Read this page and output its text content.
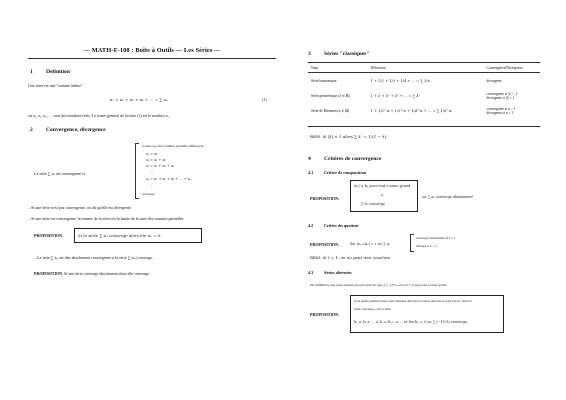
— MATH-F-108 : Boîte à Outils — Les Séries —
1 Définition
Une série est une "somme infinie"
a₁ + a₂ + a₃ + a₄ + … = ∑ aₙ	(1)
où a₁, a₂, a₃, … sont des nombres réels. Le terme général de la série (1) est le nombre aₙ.
2 Convergence, divergence
La série ∑ aₙ est convergente si
la suite (sₙ) des sommes partielles définie par
s₁ = a₁
s₂ = a₁ + a₂
s₃ = a₁ + a₂ + a₃
⋮
sₙ = a₁ + a₂ + a₃ + … + aₙ
⋮
converge.
– Si une série n'est pas convergente, on dit qu'elle est divergente.
– Si une série est convergente, la somme de la série est la limite de la suite des sommes partielles.
PROPOSITION.	Si la série ∑ aₙ converge alors lim aₙ = 0.
– La série ∑ aₙ est dite absolument convergente si la série ∑ |aₙ| converge.
PROPOSITION. Si une série converge absolument alors elle converge.
3 Séries "classiques"
Nom	Définition	Convergence/Divergence
Série harmonique	1 + 1/2 + 1/3 + 1/4 + … = ∑ 1/n	divergente
Série géométrique (λ ∈ ℝ)	1 + λ + λ² + λ³ + … = ∑ λⁿ	convergente si |λ| < 1
divergente si |λ| ≥ 1

Série de Riemann (α ∈ ℝ)	1 + 1/2^α + 1/3^α + 1/4^α + … = ∑ 1/n^α	convergente si α > 1
divergente si α ≤ 1
REM. Si |λ| < 1 alors ∑ λⁿ = 1/(1 − λ).
4 Critères de convergence
4.1	Critère de comparaison
PROPOSITION.
|aₙ| ≤ bₙ pour tout n assez grand
et
∑ bₙ converge
⟹ ∑ aₙ converge absolument
4.2	Critère du quotient
PROPOSITION.	lim |aₙ₊₁/aₙ| = ℓ ⟹ ∑ aₙ
converge absolument si ℓ < 1
diverge si ℓ > 1
REM. Si ℓ = 1, on ne peut rien conclure.
4.3	Séries alternées
Par définition, une série alternée est une série du type ∑ (−1)ⁿ bₙ avec bₙ ≥ 0 pour tout n assez grand.
PROPOSITION.
Si le terme général d'une série alternée décroît en valeur absolue et tend vers 0, alors la
série converge, c'est-à-dire:
b₁ ≥ b₂ ≥ … ≥ bₙ ≥ bₙ₊₁ ≥ … et lim bₙ = 0 ⟹ ∑ (−1)ⁿ bₙ converge
